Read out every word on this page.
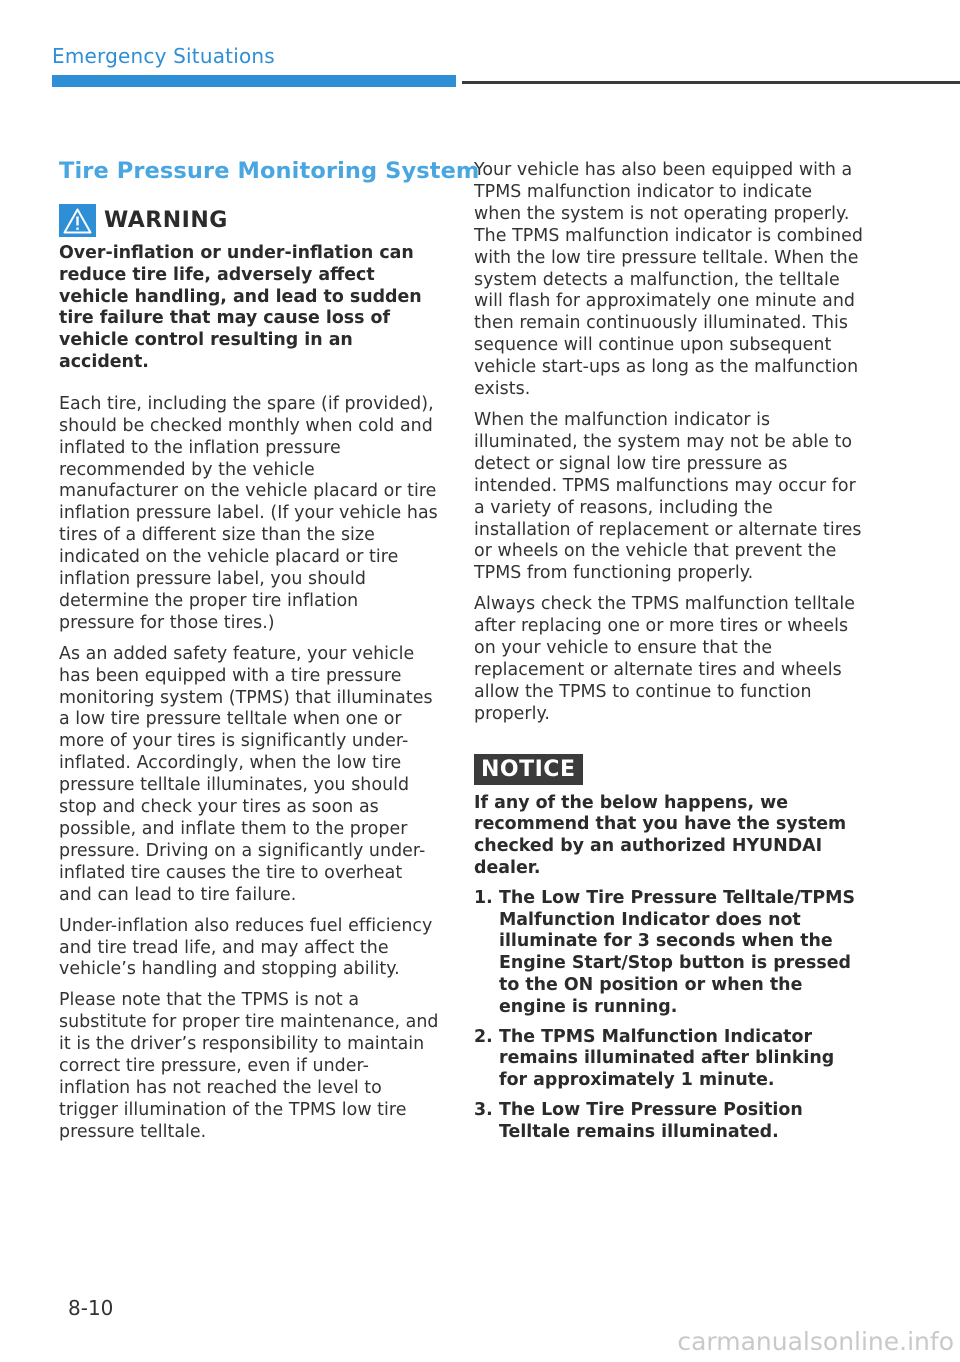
Emergency Situations
Tire Pressure Monitoring System
WARNING

Over-inflation or under-inflation can reduce tire life, adversely affect vehicle handling, and lead to sudden tire failure that may cause loss of vehicle control resulting in an accident.

Each tire, including the spare (if provided), should be checked monthly when cold and inflated to the inflation pressure recommended by the vehicle manufacturer on the vehicle placard or tire inflation pressure label. (If your vehicle has tires of a different size than the size indicated on the vehicle placard or tire inflation pressure label, you should determine the proper tire inflation pressure for those tires.)

As an added safety feature, your vehicle has been equipped with a tire pressure monitoring system (TPMS) that illuminates a low tire pressure telltale when one or more of your tires is significantly under-inflated. Accordingly, when the low tire pressure telltale illuminates, you should stop and check your tires as soon as possible, and inflate them to the proper pressure. Driving on a significantly under-inflated tire causes the tire to overheat and can lead to tire failure.

Under-inflation also reduces fuel efficiency and tire tread life, and may affect the vehicle’s handling and stopping ability.

Please note that the TPMS is not a substitute for proper tire maintenance, and it is the driver’s responsibility to maintain correct tire pressure, even if under-inflation has not reached the level to trigger illumination of the TPMS low tire pressure telltale.

Your vehicle has also been equipped with a TPMS malfunction indicator to indicate when the system is not operating properly. The TPMS malfunction indicator is combined with the low tire pressure telltale. When the system detects a malfunction, the telltale will flash for approximately one minute and then remain continuously illuminated. This sequence will continue upon subsequent vehicle start-ups as long as the malfunction exists.

When the malfunction indicator is illuminated, the system may not be able to detect or signal low tire pressure as intended. TPMS malfunctions may occur for a variety of reasons, including the installation of replacement or alternate tires or wheels on the vehicle that prevent the TPMS from functioning properly.

Always check the TPMS malfunction telltale after replacing one or more tires or wheels on your vehicle to ensure that the replacement or alternate tires and wheels allow the TPMS to continue to function properly.

NOTICE

If any of the below happens, we recommend that you have the system checked by an authorized HYUNDAI dealer.

1. The Low Tire Pressure Telltale/TPMS Malfunction Indicator does not illuminate for 3 seconds when the Engine Start/Stop button is pressed to the ON position or when the engine is running.
2. The TPMS Malfunction Indicator remains illuminated after blinking for approximately 1 minute.
3. The Low Tire Pressure Position Telltale remains illuminated.
8-10
carmanualsonline.info
